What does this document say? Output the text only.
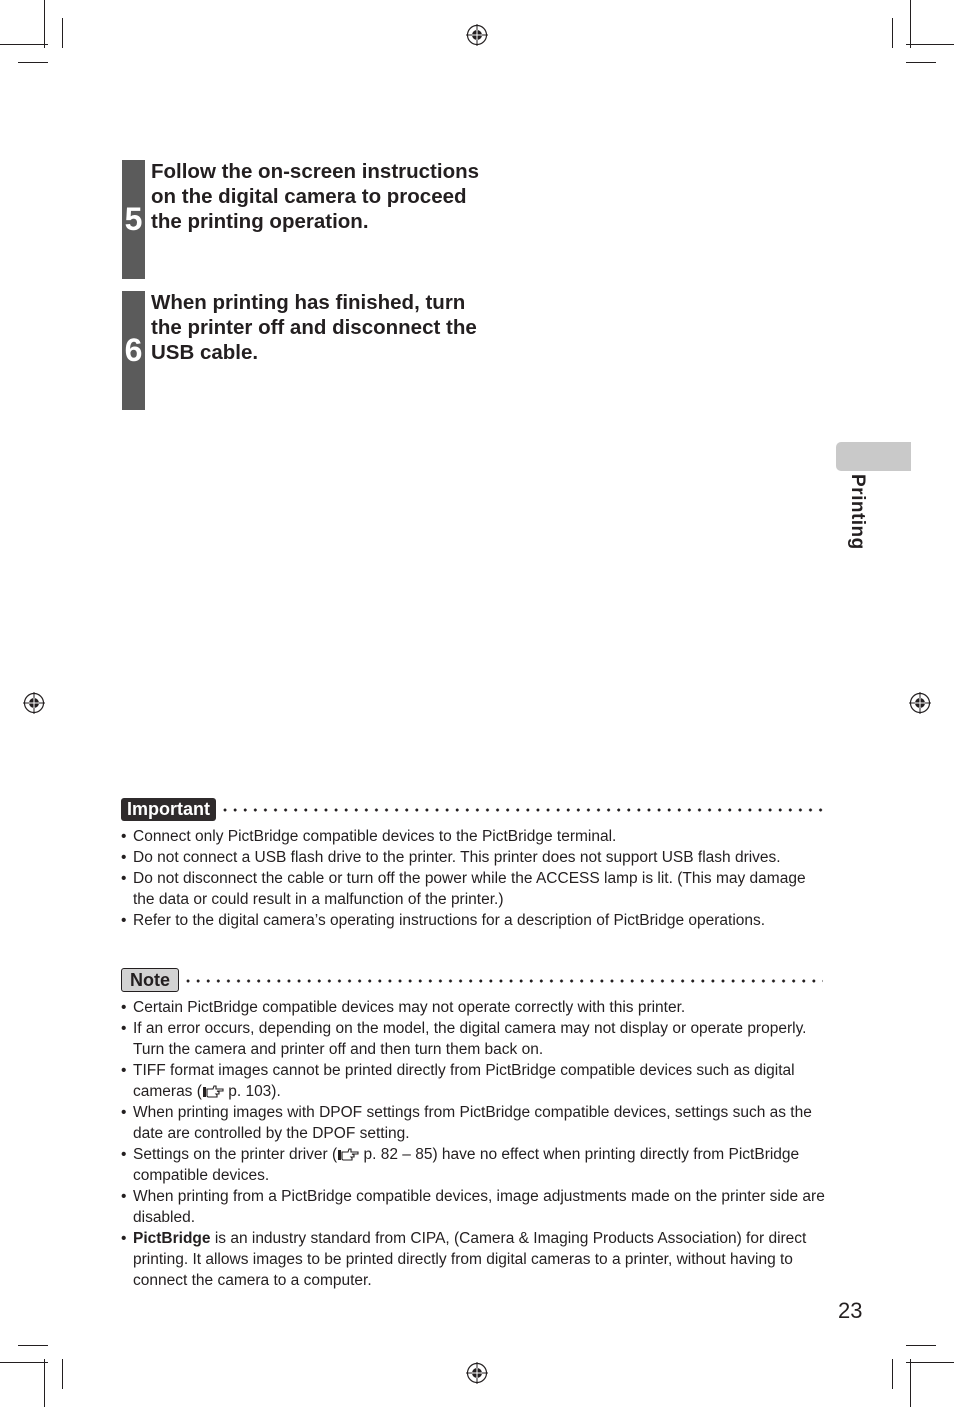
5
Follow the on-screen instructions on the digital camera to proceed the printing operation.
6
When printing has finished, turn the printer off and disconnect the USB cable.
Printing
Important
• Connect only PictBridge compatible devices to the PictBridge terminal.
• Do not connect a USB flash drive to the printer. This printer does not support USB flash drives.
• Do not disconnect the cable or turn off the power while the ACCESS lamp is lit. (This may damage the data or could result in a malfunction of the printer.)
• Refer to the digital camera’s operating instructions for a description of PictBridge operations.
Note
• Certain PictBridge compatible devices may not operate correctly with this printer.
• If an error occurs, depending on the model, the digital camera may not display or operate properly. Turn the camera and printer off and then turn them back on.
• TIFF format images cannot be printed directly from PictBridge compatible devices such as digital cameras ( p. 103).
• When printing images with DPOF settings from PictBridge compatible devices, settings such as the date are controlled by the DPOF setting.
• Settings on the printer driver ( p. 82 – 85) have no effect when printing directly from PictBridge compatible devices.
• When printing from a PictBridge compatible devices, image adjustments made on the printer side are disabled.
• PictBridge is an industry standard from CIPA, (Camera & Imaging Products Association) for direct printing. It allows images to be printed directly from digital cameras to a printer, without having to connect the camera to a computer.
23
